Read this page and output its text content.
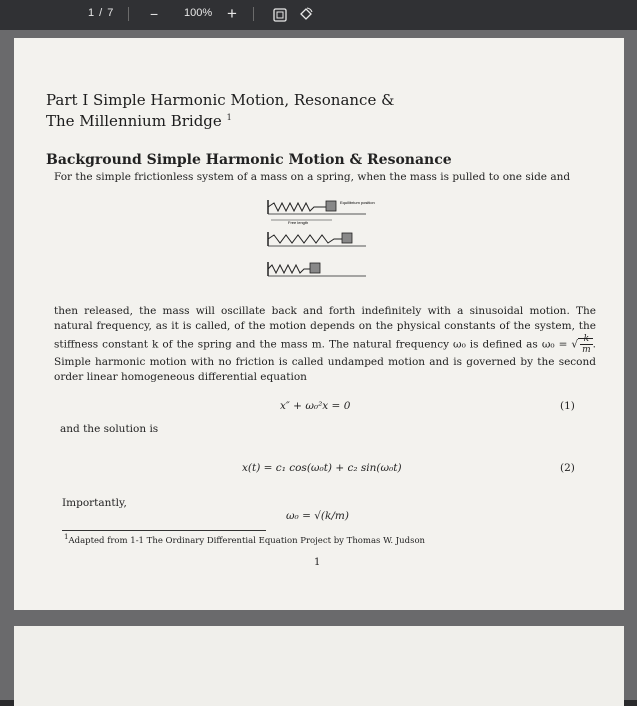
1 / 7	− 100% +
Part I Simple Harmonic Motion, Resonance &
The Millennium Bridge $^1$
Background Simple Harmonic Motion & Resonance

For the simple frictionless system of a mass on a spring, when the mass is pulled to one side and

Equilibrium position
Free length

then released, the mass will oscillate back and forth indefinitely with a sinusoidal motion. The natural frequency, as it is called, of the motion depends on the physical constants of the system, the stiffness constant k of the spring and the mass m. The natural frequency ω₀ is defined as ω₀ = √ $\frac{k}{m}$ . Simple harmonic motion with no friction is called undamped motion and is governed by the second order linear homogeneous differential equation

x″ + ω₀²x = 0	(1)
and the solution is
x(t) = c₁ cos(ω₀t) + c₂ sin(ω₀t)	(2)
Importantly,
ω₀ = √(k/m)

$^1$Adapted from 1-1 The Ordinary Differential Equation Project by Thomas W. Judson

1
